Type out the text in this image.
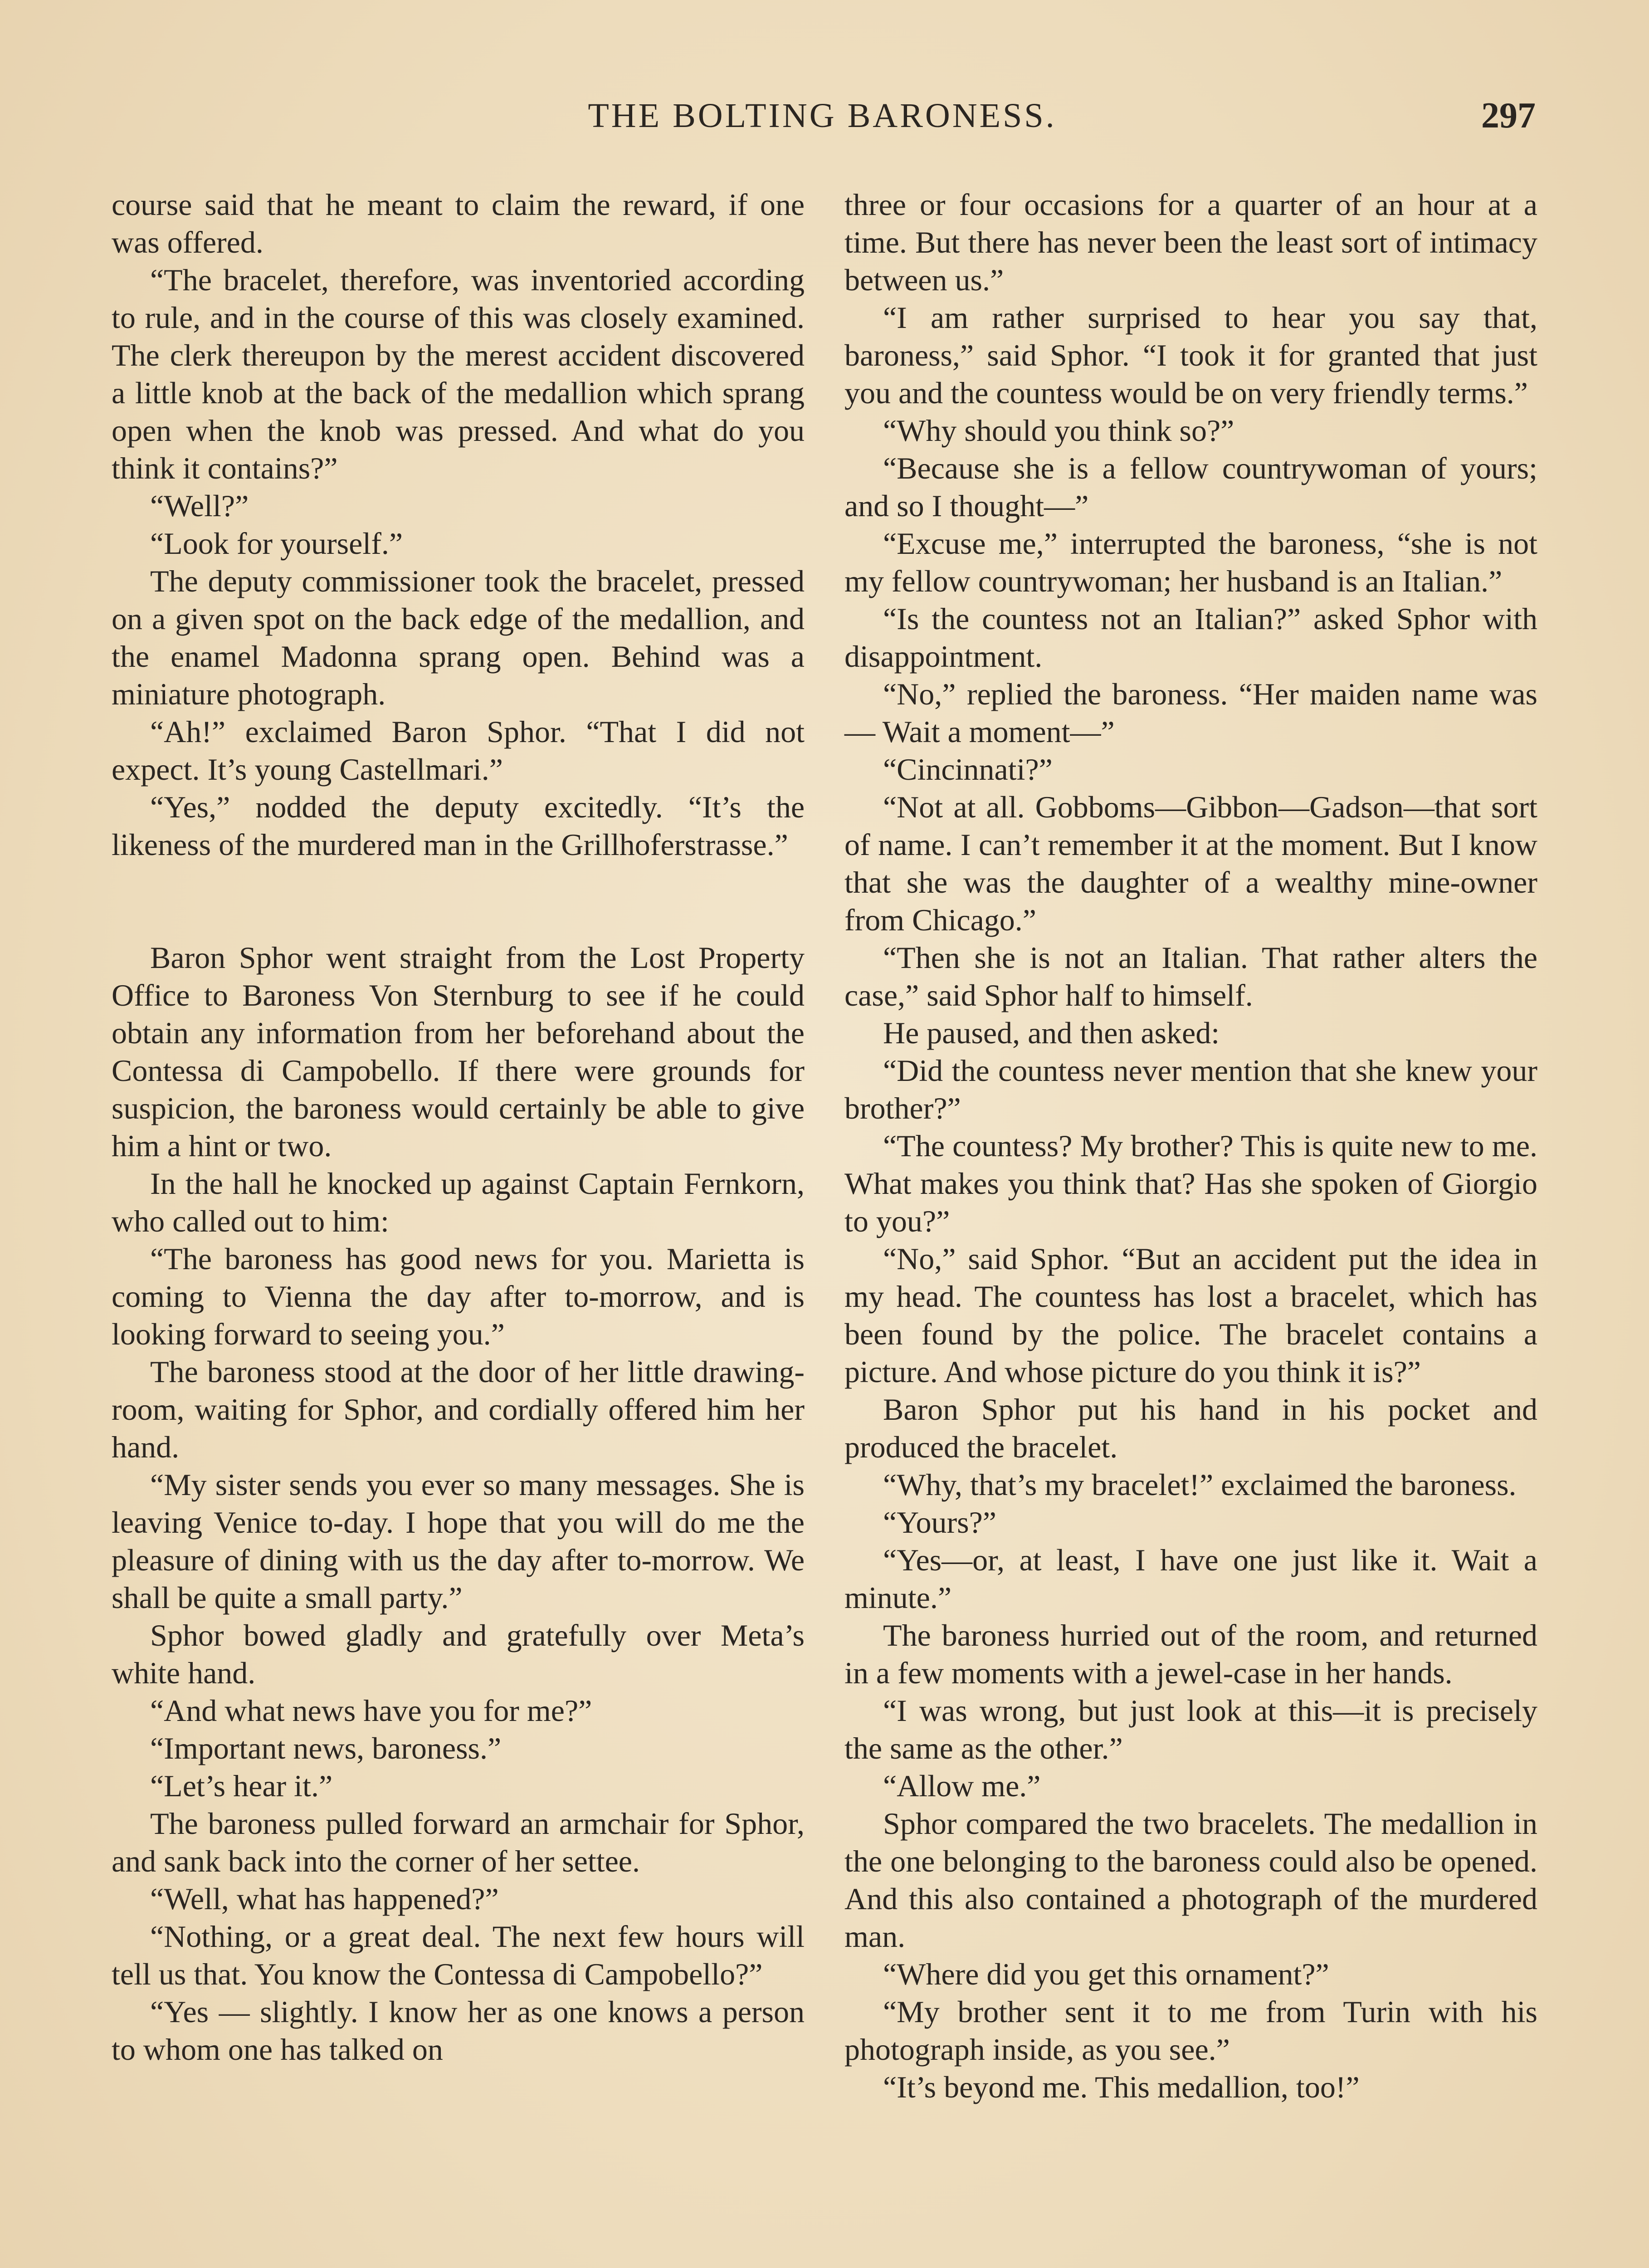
THE BOLTING BARONESS.	297

course said that he meant to claim the reward, if one was offered.

“The bracelet, therefore, was inventoried according to rule, and in the course of this was closely examined. The clerk thereupon by the merest accident discovered a little knob at the back of the medallion which sprang open when the knob was pressed. And what do you think it contains?”

“Well?”

“Look for yourself.”

The deputy commissioner took the bracelet, pressed on a given spot on the back edge of the medallion, and the enamel Madonna sprang open. Behind was a miniature photograph.

“Ah!” exclaimed Baron Sphor. “That I did not expect. It’s young Castellmari.”

“Yes,” nodded the deputy excitedly. “It’s the likeness of the murdered man in the Grillhoferstrasse.”

Baron Sphor went straight from the Lost Property Office to Baroness Von Sternburg to see if he could obtain any information from her beforehand about the Contessa di Campobello. If there were grounds for suspicion, the baroness would certainly be able to give him a hint or two.

In the hall he knocked up against Captain Fernkorn, who called out to him:

“The baroness has good news for you. Marietta is coming to Vienna the day after to-morrow, and is looking forward to seeing you.”

The baroness stood at the door of her little drawing-room, waiting for Sphor, and cordially offered him her hand.

“My sister sends you ever so many messages. She is leaving Venice to-day. I hope that you will do me the pleasure of dining with us the day after to-morrow. We shall be quite a small party.”

Sphor bowed gladly and gratefully over Meta’s white hand.

“And what news have you for me?”

“Important news, baroness.”

“Let’s hear it.”

The baroness pulled forward an armchair for Sphor, and sank back into the corner of her settee.

“Well, what has happened?”

“Nothing, or a great deal. The next few hours will tell us that. You know the Contessa di Campobello?”

“Yes — slightly. I know her as one knows a person to whom one has talked on

three or four occasions for a quarter of an hour at a time. But there has never been the least sort of intimacy between us.”

“I am rather surprised to hear you say that, baroness,” said Sphor. “I took it for granted that just you and the countess would be on very friendly terms.”

“Why should you think so?”

“Because she is a fellow countrywoman of yours; and so I thought—”

“Excuse me,” interrupted the baroness, “she is not my fellow countrywoman; her husband is an Italian.”

“Is the countess not an Italian?” asked Sphor with disappointment.

“No,” replied the baroness. “Her maiden name was— Wait a moment—”

“Cincinnati?”

“Not at all. Gobboms—Gibbon—Gadson—that sort of name. I can’t remember it at the moment. But I know that she was the daughter of a wealthy mine-owner from Chicago.”

“Then she is not an Italian. That rather alters the case,” said Sphor half to himself.

He paused, and then asked:

“Did the countess never mention that she knew your brother?”

“The countess? My brother? This is quite new to me. What makes you think that? Has she spoken of Giorgio to you?”

“No,” said Sphor. “But an accident put the idea in my head. The countess has lost a bracelet, which has been found by the police. The bracelet contains a picture. And whose picture do you think it is?”

Baron Sphor put his hand in his pocket and produced the bracelet.

“Why, that’s my bracelet!” exclaimed the baroness.

“Yours?”

“Yes—or, at least, I have one just like it. Wait a minute.”

The baroness hurried out of the room, and returned in a few moments with a jewel-case in her hands.

“I was wrong, but just look at this—it is precisely the same as the other.”

“Allow me.”

Sphor compared the two bracelets. The medallion in the one belonging to the baroness could also be opened. And this also contained a photograph of the murdered man.

“Where did you get this ornament?”

“My brother sent it to me from Turin with his photograph inside, as you see.”

“It’s beyond me. This medallion, too!”
